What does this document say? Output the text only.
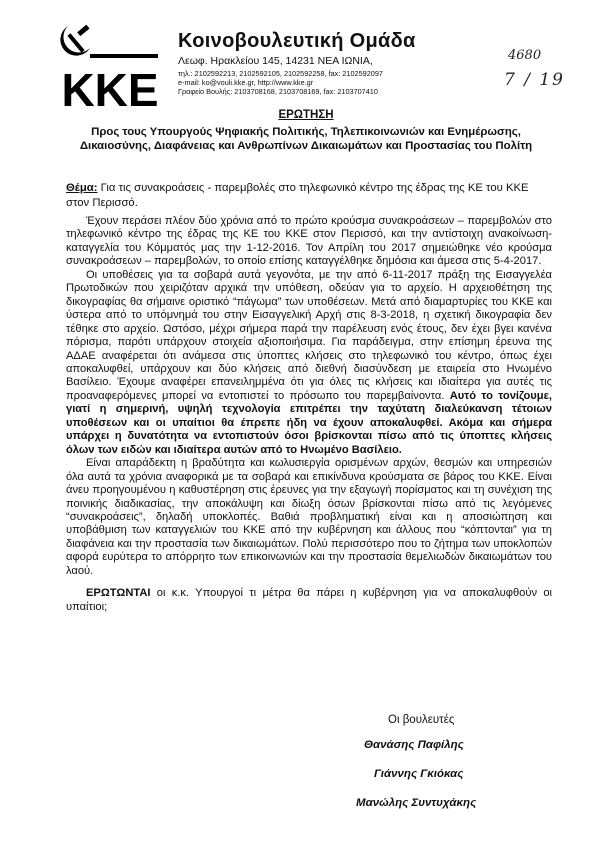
ΚΚΕ
Κοινοβουλευτική Ομάδα
Λεωφ. Ηρακλείου 145, 14231 ΝΕΑ ΙΩΝΙΑ,
τηλ.: 2102592213, 2102592105, 2102592258, fax: 2102592097
e-mail: ko@vouli.kke.gr, http://www.kke.gr
Γραφείο Βουλής: 2103708168, 2103708169, fax: 2103707410
4680
7 / 19
ΕΡΩΤΗΣΗ
Προς τους Υπουργούς Ψηφιακής Πολιτικής, Τηλεπικοινωνιών και Ενημέρωσης, Δικαιοσύνης, Διαφάνειας και Ανθρωπίνων Δικαιωμάτων και Προστασίας του Πολίτη
Θέμα: Για τις συνακροάσεις - παρεμβολές στο τηλεφωνικό κέντρο της έδρας της ΚΕ του ΚΚΕ στον Περισσό.

Έχουν περάσει πλέον δύο χρόνια από το πρώτο κρούσμα συνακροάσεων – παρεμβολών στο τηλεφωνικό κέντρο της έδρας της ΚΕ του ΚΚΕ στον Περισσό, και την αντίστοιχη ανακοίνωση-καταγγελία του Κόμματός μας την 1-12-2016. Τον Απρίλη του 2017 σημειώθηκε νέο κρούσμα συνακροάσεων – παρεμβολών, το οποίο επίσης καταγγέλθηκε δημόσια και άμεσα στις 5-4-2017.

Οι υποθέσεις για τα σοβαρά αυτά γεγονότα, με την από 6-11-2017 πράξη της Εισαγγελέα Πρωτοδικών που χειριζόταν αρχικά την υπόθεση, οδεύαν για το αρχείο. Η αρχειοθέτηση της δικογραφίας θα σήμαινε οριστικό “πάγωμα” των υποθέσεων. Μετά από διαμαρτυρίες του ΚΚΕ και ύστερα από το υπόμνημά του στην Εισαγγελική Αρχή στις 8-3-2018, η σχετική δικογραφία δεν τέθηκε στο αρχείο. Ωστόσο, μέχρι σήμερα παρά την παρέλευση ενός έτους, δεν έχει βγει κανένα πόρισμα, παρότι υπάρχουν στοιχεία αξιοποιήσιμα. Για παράδειγμα, στην επίσημη έρευνα της ΑΔΑΕ αναφέρεται ότι ανάμεσα στις ύποπτες κλήσεις στο τηλεφωνικό του κέντρο, όπως έχει αποκαλυφθεί, υπάρχουν και δύο κλήσεις από διεθνή διασύνδεση με εταιρεία στο Ηνωμένο Βασίλειο. Έχουμε αναφέρει επανειλημμένα ότι για όλες τις κλήσεις και ιδιαίτερα για αυτές τις προαναφερόμενες μπορεί να εντοπιστεί το πρόσωπο του παρεμβαίνοντα. Αυτό το τονίζουμε, γιατί η σημερινή, υψηλή τεχνολογία επιτρέπει την ταχύτατη διαλεύκανση τέτοιων υποθέσεων και οι υπαίτιοι θα έπρεπε ήδη να έχουν αποκαλυφθεί. Ακόμα και σήμερα υπάρχει η δυνατότητα να εντοπιστούν όσοι βρίσκονται πίσω από τις ύποπτες κλήσεις όλων των ειδών και ιδιαίτερα αυτών από το Ηνωμένο Βασίλειο.

Είναι απαράδεκτη η βραδύτητα και κωλυσιεργία ορισμένων αρχών, θεσμών και υπηρεσιών όλα αυτά τα χρόνια αναφορικά με τα σοβαρά και επικίνδυνα κρούσματα σε βάρος του ΚΚΕ. Είναι άνευ προηγουμένου η καθυστέρηση στις έρευνες για την εξαγωγή πορίσματος και τη συνέχιση της ποινικής διαδικασίας, την αποκάλυψη και δίωξη όσων βρίσκονται πίσω από τις λεγόμενες “συνακροάσεις”, δηλαδή υποκλοπές. Βαθιά προβληματική είναι και η αποσιώπηση και υποβάθμιση των καταγγελιών του ΚΚΕ από την κυβέρνηση και άλλους που “κόπτονται” για τη διαφάνεια και την προστασία των δικαιωμάτων. Πολύ περισσότερο που το ζήτημα των υποκλοπών αφορά ευρύτερα το απόρρητο των επικοινωνιών και την προστασία θεμελιωδών δικαιωμάτων του λαού.

ΕΡΩΤΩΝΤΑΙ οι κ.κ. Υπουργοί τι μέτρα θα πάρει η κυβέρνηση για να αποκαλυφθούν οι υπαίτιοι;

Οι βουλευτές
Θανάσης Παφίλης
Γιάννης Γκιόκας
Μανώλης Συντυχάκης
